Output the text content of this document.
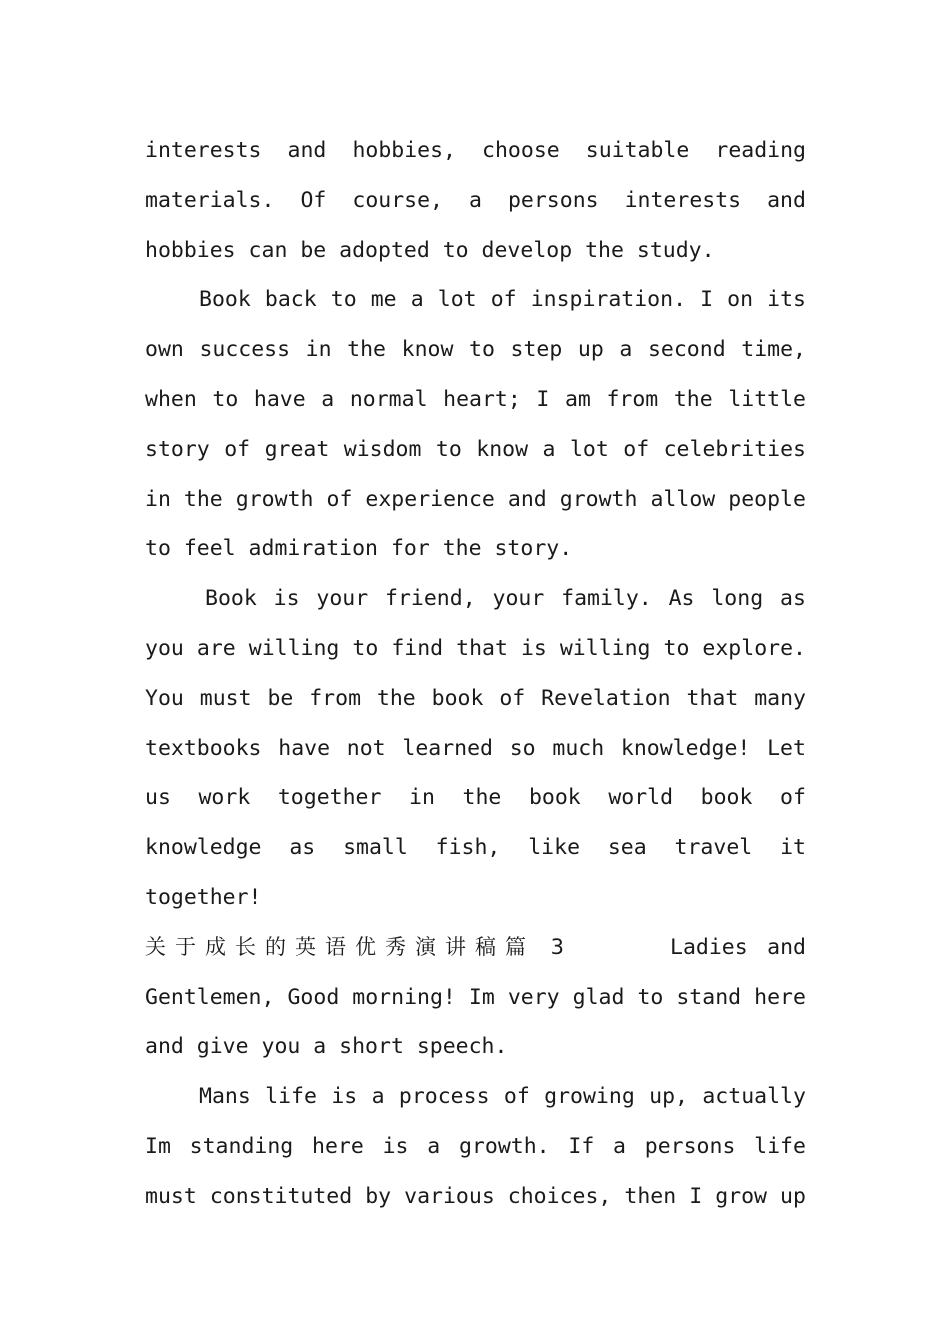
interests and hobbies, choose suitable reading
materials. Of course, a persons interests and
hobbies can be adopted to develop the study.
Book back to me a lot of inspiration. I on its
own success in the know to step up a second time,
when to have a normal heart; I am from the little
story of great wisdom to know a lot of celebrities
in the growth of experience and growth allow people
to feel admiration for the story.
Book is your friend, your family. As long as
you are willing to find that is willing to explore.
You must be from the book of Revelation that many
textbooks have not learned so much knowledge! Let
us work together in the book world book of
knowledge as small fish, like sea travel it
together!
关于成长的英语优秀演讲稿篇 3	Ladies and
Gentlemen, Good morning! Im very glad to stand here
and give you a short speech.
Mans life is a process of growing up, actually
Im standing here is a growth. If a persons life
must constituted by various choices, then I grow up
